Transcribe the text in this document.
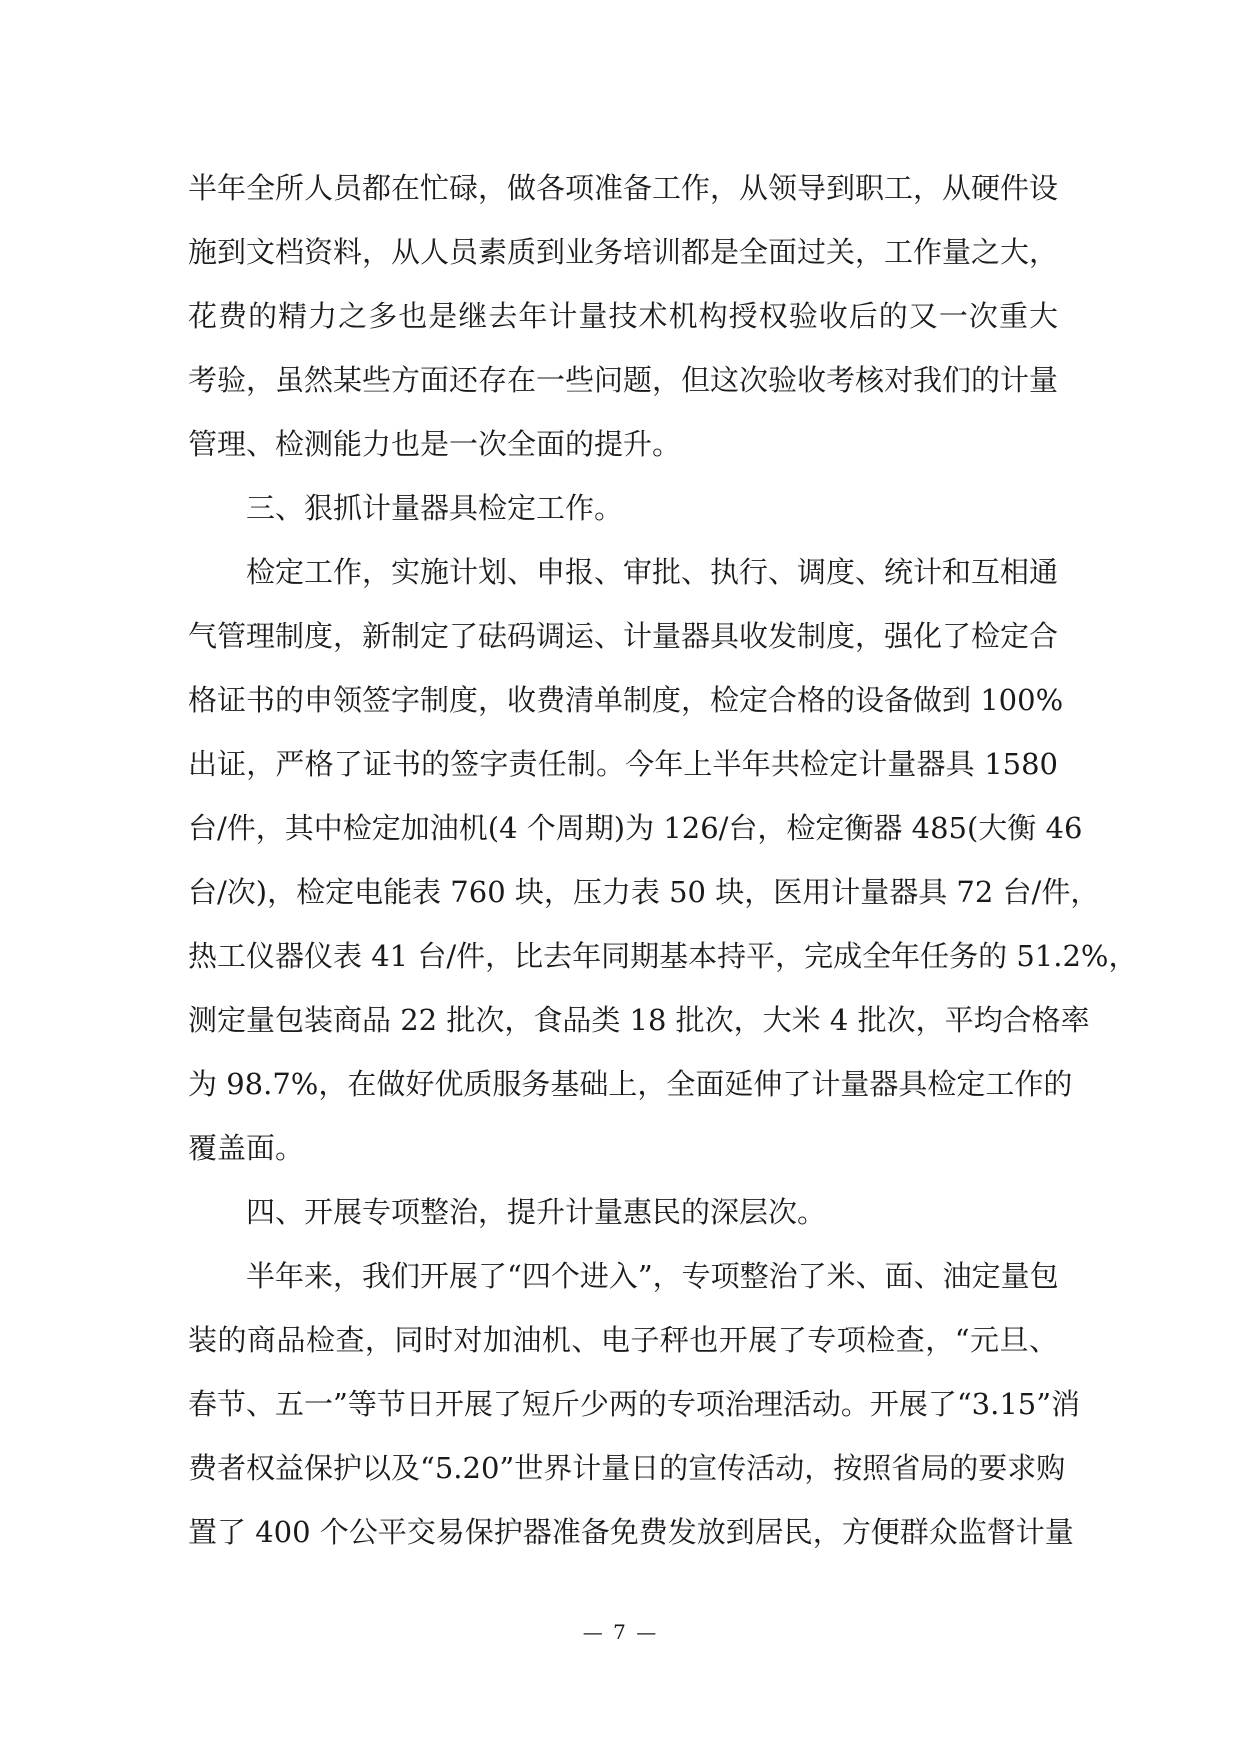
半年全所人员都在忙碌，做各项准备工作，从领导到职工，从硬件设
施到文档资料，从人员素质到业务培训都是全面过关，工作量之大，
花费的精力之多也是继去年计量技术机构授权验收后的又一次重大
考验，虽然某些方面还存在一些问题，但这次验收考核对我们的计量
管理、检测能力也是一次全面的提升。
三、狠抓计量器具检定工作。
检定工作，实施计划、申报、审批、执行、调度、统计和互相通
气管理制度，新制定了砝码调运、计量器具收发制度，强化了检定合
格证书的申领签字制度，收费清单制度，检定合格的设备做到 100%
出证，严格了证书的签字责任制。今年上半年共检定计量器具 1580
台/件，其中检定加油机(4 个周期)为 126/台，检定衡器 485(大衡 46
台/次)，检定电能表 760 块，压力表 50 块，医用计量器具 72 台/件，
热工仪器仪表 41 台/件，比去年同期基本持平，完成全年任务的 51.2%，
测定量包装商品 22 批次，食品类 18 批次，大米 4 批次，平均合格率
为 98.7%，在做好优质服务基础上，全面延伸了计量器具检定工作的
覆盖面。
四、开展专项整治，提升计量惠民的深层次。
半年来，我们开展了“四个进入”，专项整治了米、面、油定量包
装的商品检查，同时对加油机、电子秤也开展了专项检查，“元旦、
春节、五一”等节日开展了短斤少两的专项治理活动。开展了“3.15”消
费者权益保护以及“5.20”世界计量日的宣传活动，按照省局的要求购
置了 400 个公平交易保护器准备免费发放到居民，方便群众监督计量
— 7 —
